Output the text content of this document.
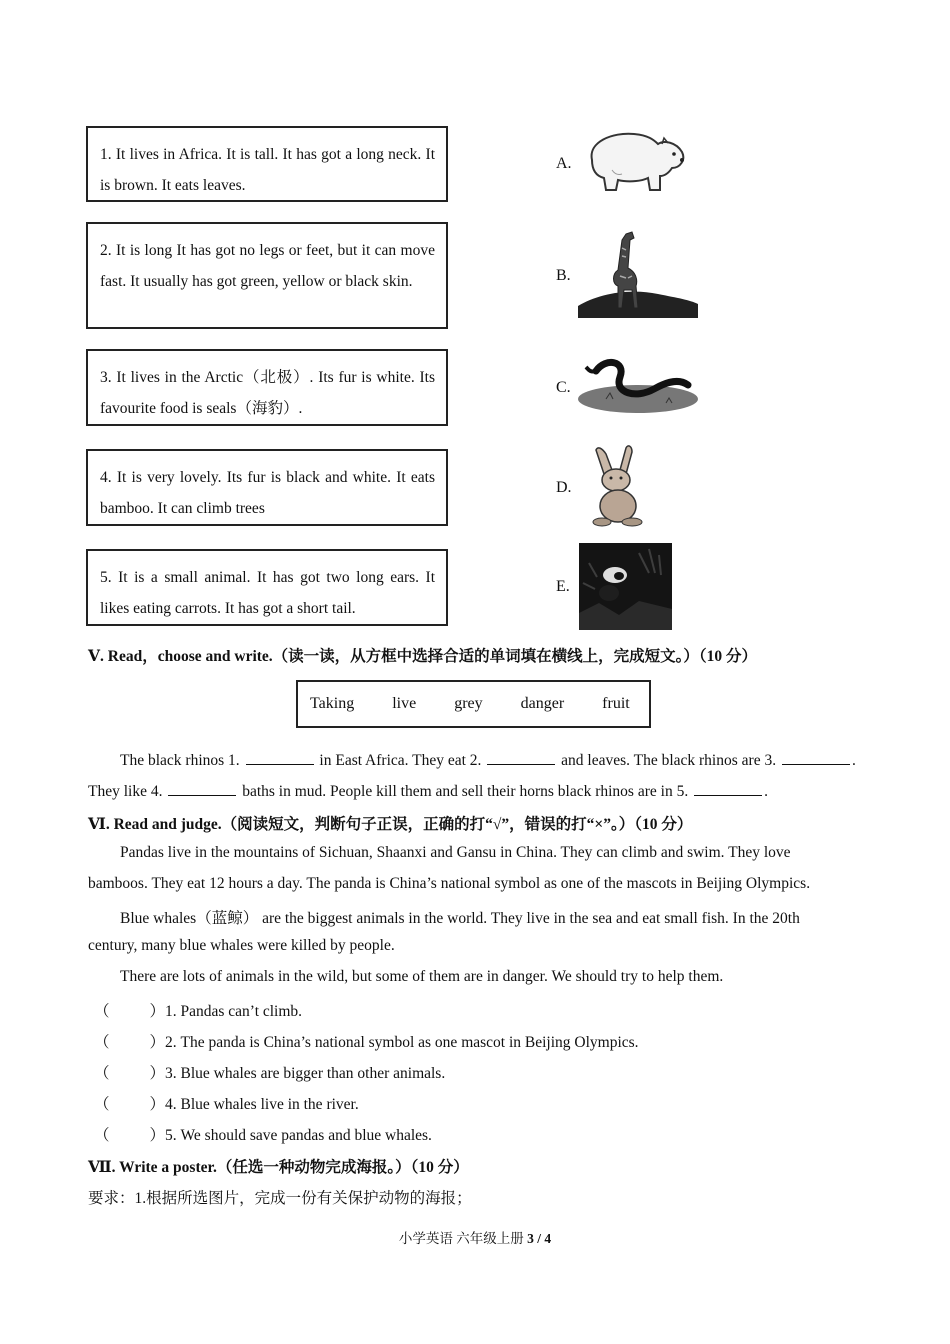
1. It lives in Africa. It is tall. It has got a long neck. It is brown. It eats leaves.
2. It is long It has got no legs or feet, but it can move fast. It usually has got green, yellow or black skin.
3. It lives in the Arctic（北极）. Its fur is white. Its favourite food is seals（海豹）.
4. It is very lovely. Its fur is black and white. It eats bamboo. It can climb trees
5. It is a small animal. It has got two long ears. It likes eating carrots. It has got a short tail.
A.
B.
C.
D.
E.
Ⅴ. Read，choose and write.（读一读，从方框中选择合适的单词填在横线上，完成短文。）（10 分）
Taking live grey danger fruit
The black rhinos 1.	in East Africa. They eat 2.	and leaves. The black rhinos are 3.	.
They like 4.	baths in mud. People kill them and sell their horns black rhinos are in 5.	.
Ⅵ. Read and judge.（阅读短文，判断句子正误，正确的打“√”，错误的打“×”。）（10 分）
Pandas live in the mountains of Sichuan, Shaanxi and Gansu in China. They can climb and swim. They love
bamboos. They eat 12 hours a day. The panda is China’s national symbol as one of the mascots in Beijing Olympics.
Blue whales（蓝鲸） are the biggest animals in the world. They live in the sea and eat small fish. In the 20th
century, many blue whales were killed by people.
There are lots of animals in the wild, but some of them are in danger. We should try to help them.
（	）1. Pandas can’t climb.
（	）2. The panda is China’s national symbol as one mascot in Beijing Olympics.
（	）3. Blue whales are bigger than other animals.
（	）4. Blue whales live in the river.
（	）5. We should save pandas and blue whales.
Ⅶ. Write a poster.（任选一种动物完成海报。）（10 分）
要求：1.根据所选图片，完成一份有关保护动物的海报；
小学英语 六年级上册 3 / 4
